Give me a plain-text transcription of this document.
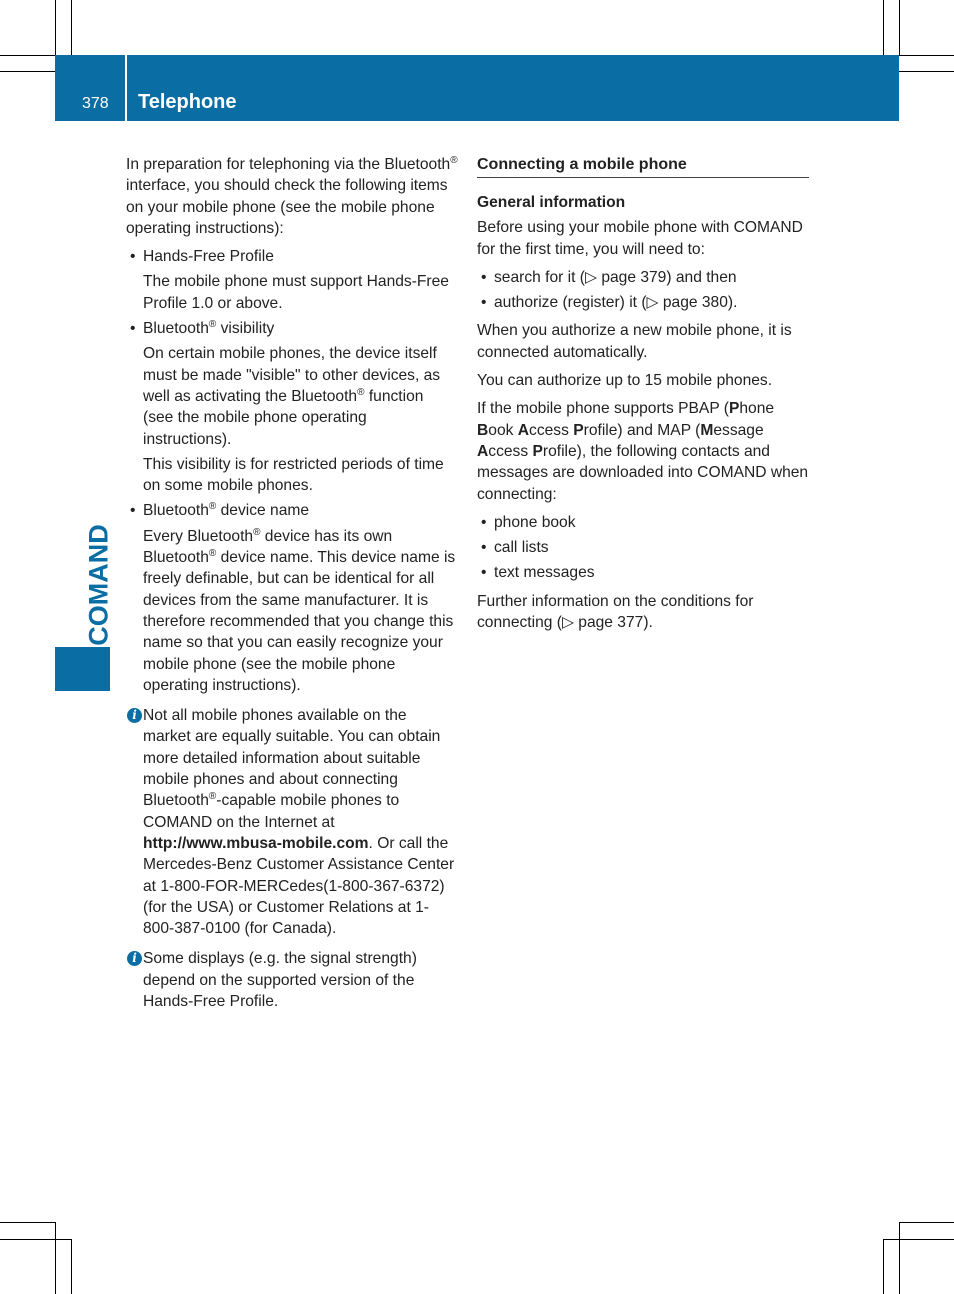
378 Telephone
COMAND

In preparation for telephoning via the Bluetooth® interface, you should check the following items on your mobile phone (see the mobile phone operating instructions):

• Hands-Free Profile
The mobile phone must support Hands-Free Profile 1.0 or above.
• Bluetooth® visibility
On certain mobile phones, the device itself must be made "visible" to other devices, as well as activating the Bluetooth® function (see the mobile phone operating instructions).
This visibility is for restricted periods of time on some mobile phones.
• Bluetooth® device name
Every Bluetooth® device has its own Bluetooth® device name. This device name is freely definable, but can be identical for all devices from the same manufacturer. It is therefore recommended that you change this name so that you can easily recognize your mobile phone (see the mobile phone operating instructions).
i Not all mobile phones available on the market are equally suitable. You can obtain more detailed information about suitable mobile phones and about connecting Bluetooth®-capable mobile phones to COMAND on the Internet at http://www.mbusa-mobile.com. Or call the Mercedes-Benz Customer Assistance Center at 1-800-FOR-MERCedes(1-800-367-6372) (for the USA) or Customer Relations at 1-800-387-0100 (for Canada).
i Some displays (e.g. the signal strength) depend on the supported version of the Hands-Free Profile.
Connecting a mobile phone
General information

Before using your mobile phone with COMAND for the first time, you will need to:

• search for it (▷ page 379) and then
• authorize (register) it (▷ page 380).

When you authorize a new mobile phone, it is connected automatically.

You can authorize up to 15 mobile phones.

If the mobile phone supports PBAP (Phone Book Access Profile) and MAP (Message Access Profile), the following contacts and messages are downloaded into COMAND when connecting:

• phone book
• call lists
• text messages

Further information on the conditions for connecting (▷ page 377).
